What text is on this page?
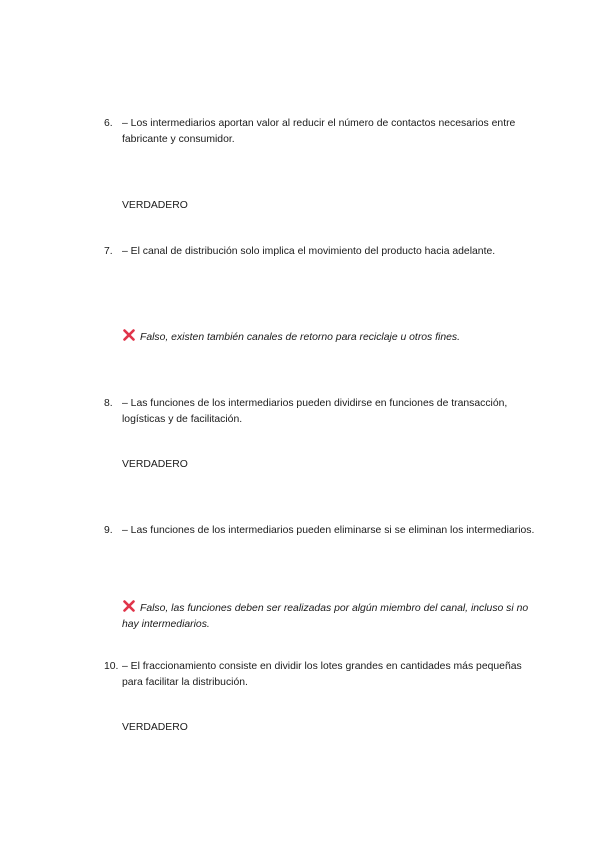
6. – Los intermediarios aportan valor al reducir el número de contactos necesarios entre fabricante y consumidor.
VERDADERO
7. – El canal de distribución solo implica el movimiento del producto hacia adelante.
Falso, existen también canales de retorno para reciclaje u otros fines.
8. – Las funciones de los intermediarios pueden dividirse en funciones de transacción, logísticas y de facilitación.
VERDADERO
9. – Las funciones de los intermediarios pueden eliminarse si se eliminan los intermediarios.
Falso, las funciones deben ser realizadas por algún miembro del canal, incluso si no hay intermediarios.
10. – El fraccionamiento consiste en dividir los lotes grandes en cantidades más pequeñas para facilitar la distribución.
VERDADERO
